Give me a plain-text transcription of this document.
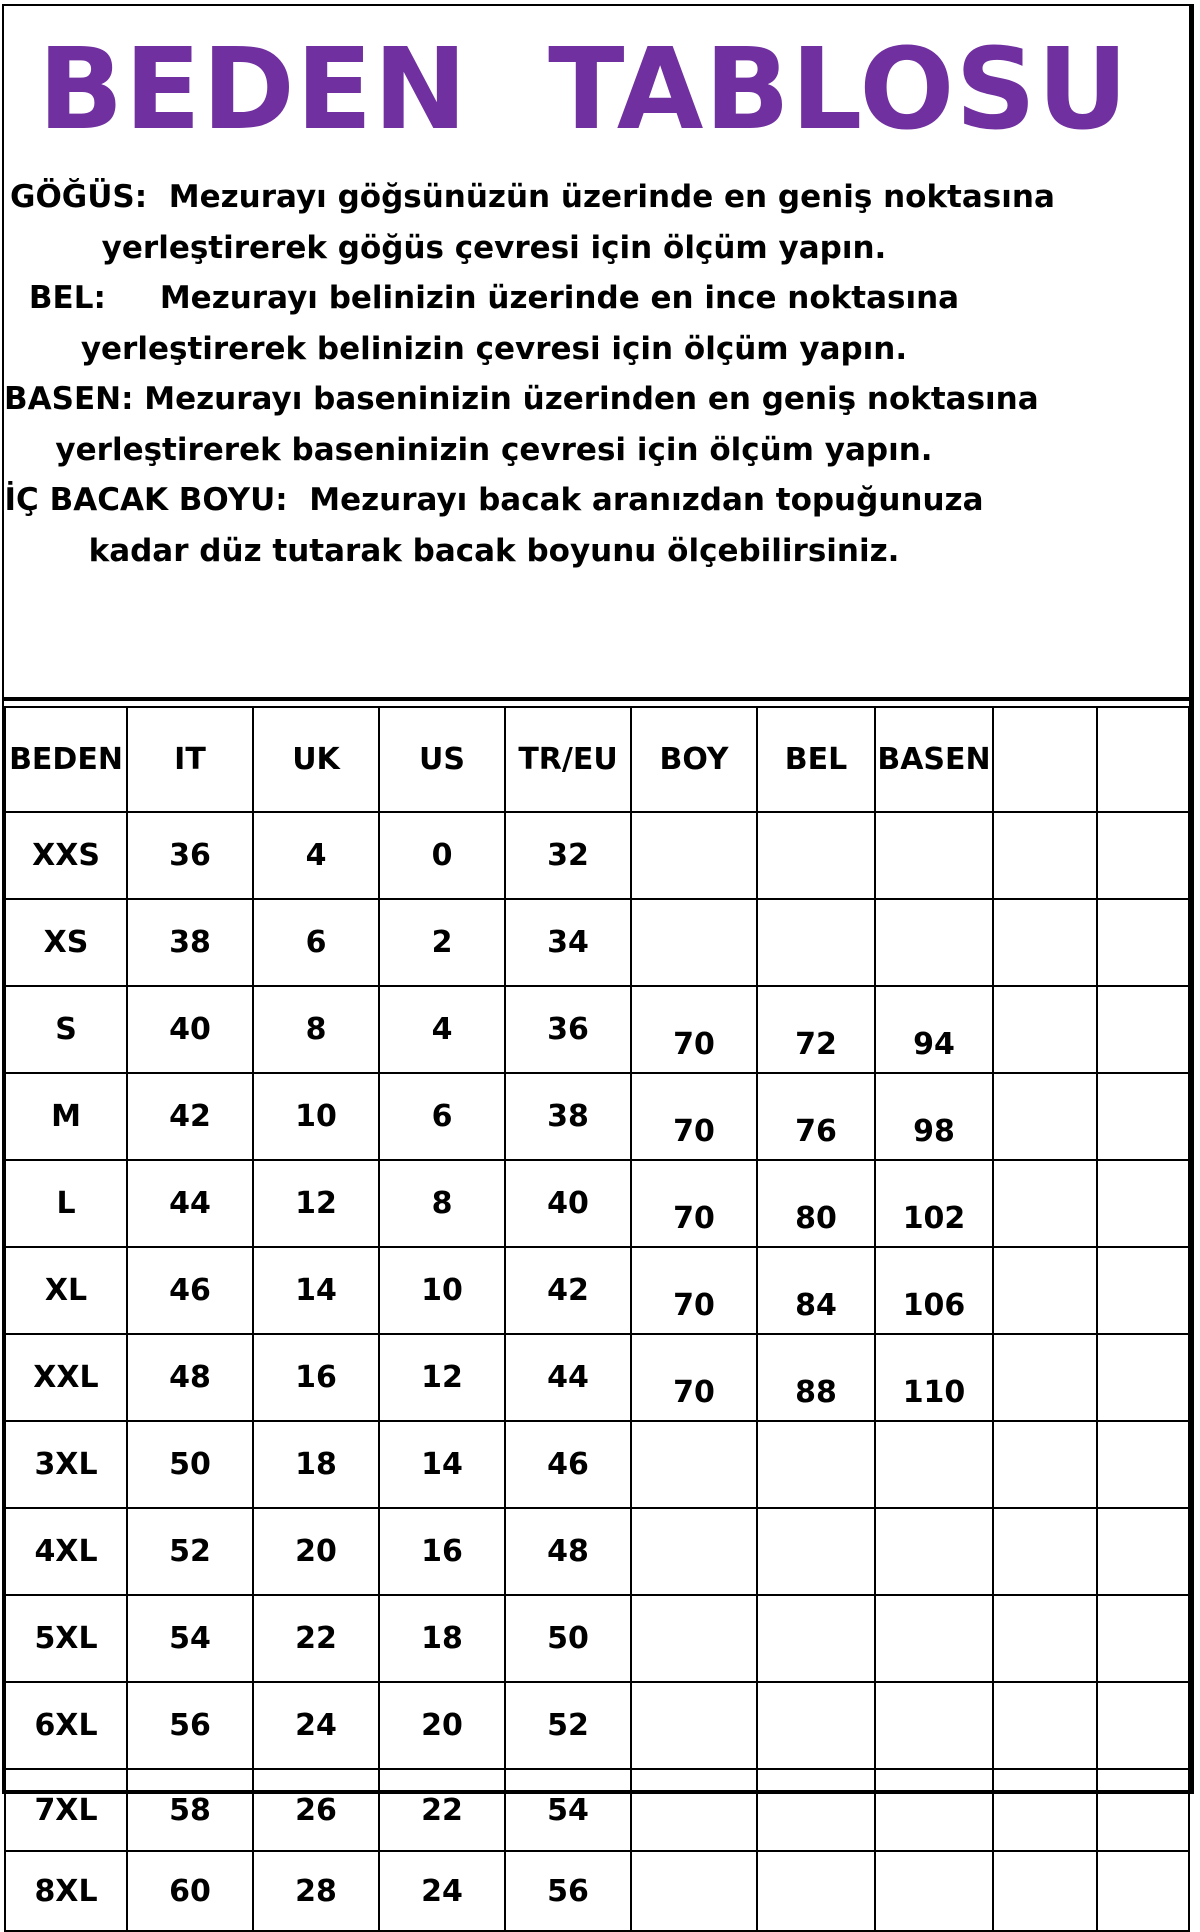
BEDEN  TABLOSU

GÖĞÜS:  Mezurayı göğsünüzün üzerinde en geniş noktasına

yerleştirerek göğüs çevresi için ölçüm yapın.

BEL:     Mezurayı belinizin üzerinde en ince noktasına

yerleştirerek belinizin çevresi için ölçüm yapın.

BASEN: Mezurayı baseninizin üzerinden en geniş noktasına

yerleştirerek baseninizin çevresi için ölçüm yapın.

İÇ BACAK BOYU:  Mezurayı bacak aranızdan topuğunuza

kadar düz tutarak bacak boyunu ölçebilirsiniz.

BEDEN	IT	UK	US	TR/EU	BOY	BEL	BASEN		
XXS	36	4	0	32					
XS	38	6	2	34					
S	40	8	4	36	70	72	94		
M	42	10	6	38	70	76	98		
L	44	12	8	40	70	80	102		
XL	46	14	10	42	70	84	106		
XXL	48	16	12	44	70	88	110		
3XL	50	18	14	46					
4XL	52	20	16	48					
5XL	54	22	18	50					
6XL	56	24	20	52					
7XL	58	26	22	54					
8XL	60	28	24	56					
